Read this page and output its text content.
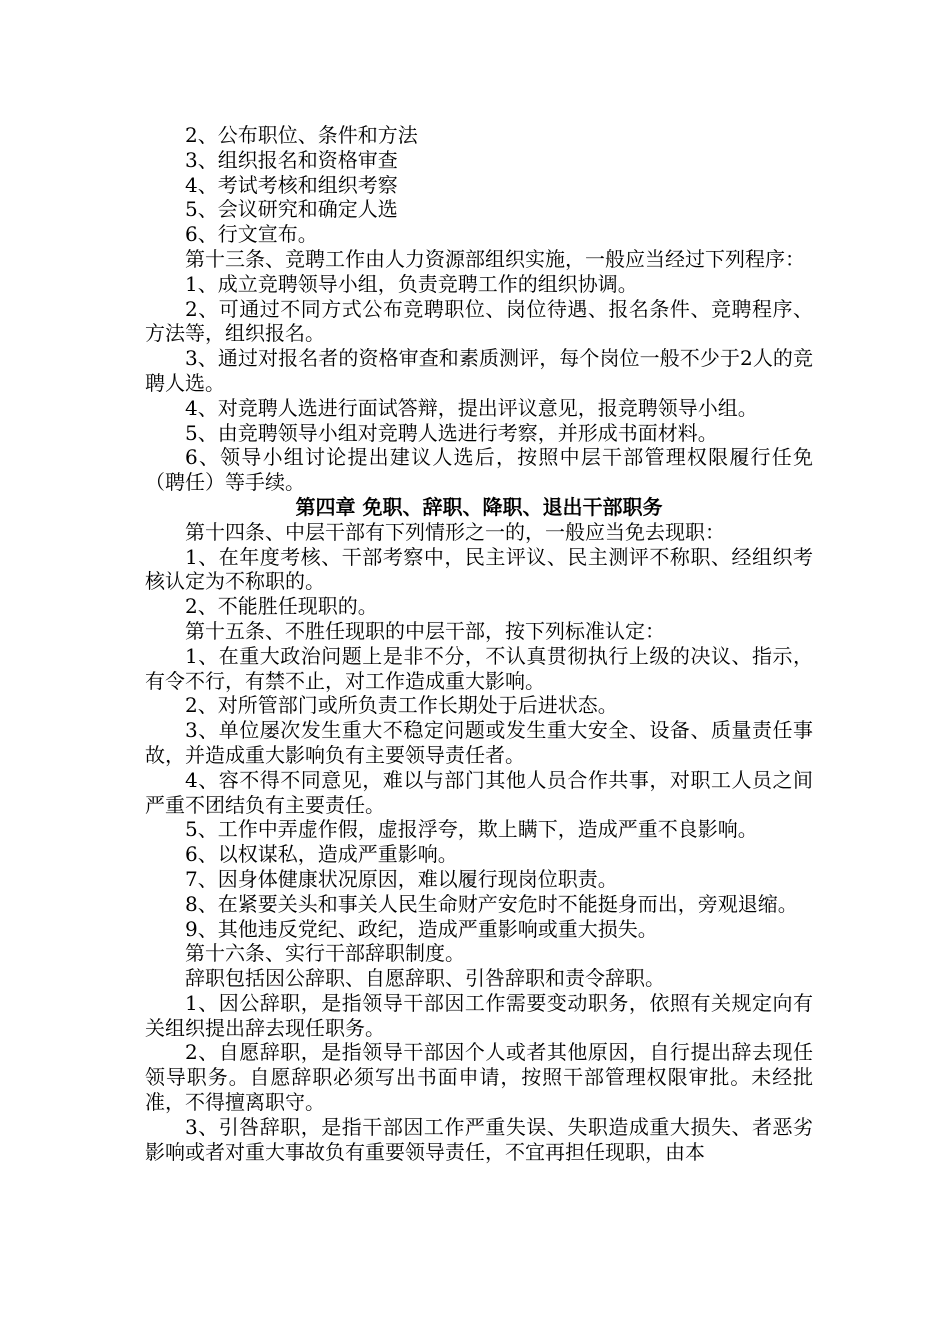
2、公布职位、条件和方法

3、组织报名和资格审查

4、考试考核和组织考察

5、会议研究和确定人选

6、行文宣布。

第十三条、竞聘工作由人力资源部组织实施，一般应当经过下列程序：

1、成立竞聘领导小组，负责竞聘工作的组织协调。

2、可通过不同方式公布竞聘职位、岗位待遇、报名条件、竞聘程序、方法等，组织报名。

3、通过对报名者的资格审查和素质测评，每个岗位一般不少于2人的竞聘人选。

4、对竞聘人选进行面试答辩，提出评议意见，报竞聘领导小组。

5、由竞聘领导小组对竞聘人选进行考察，并形成书面材料。

6、领导小组讨论提出建议人选后，按照中层干部管理权限履行任免（聘任）等手续。

第四章 免职、辞职、降职、退出干部职务

第十四条、中层干部有下列情形之一的，一般应当免去现职：

1、在年度考核、干部考察中，民主评议、民主测评不称职、经组织考核认定为不称职的。

2、不能胜任现职的。

第十五条、不胜任现职的中层干部，按下列标准认定：

1、在重大政治问题上是非不分，不认真贯彻执行上级的决议、指示，有令不行，有禁不止，对工作造成重大影响。

2、对所管部门或所负责工作长期处于后进状态。

3、单位屡次发生重大不稳定问题或发生重大安全、设备、质量责任事故，并造成重大影响负有主要领导责任者。

4、容不得不同意见，难以与部门其他人员合作共事，对职工人员之间严重不团结负有主要责任。

5、工作中弄虚作假，虚报浮夸，欺上瞒下，造成严重不良影响。

6、以权谋私，造成严重影响。

7、因身体健康状况原因，难以履行现岗位职责。

8、在紧要关头和事关人民生命财产安危时不能挺身而出，旁观退缩。

9、其他违反党纪、政纪，造成严重影响或重大损失。

第十六条、实行干部辞职制度。

辞职包括因公辞职、自愿辞职、引咎辞职和责令辞职。

1、因公辞职，是指领导干部因工作需要变动职务，依照有关规定向有关组织提出辞去现任职务。

2、自愿辞职，是指领导干部因个人或者其他原因，自行提出辞去现任领导职务。自愿辞职必须写出书面申请，按照干部管理权限审批。未经批准，不得擅离职守。

3、引咎辞职，是指干部因工作严重失误、失职造成重大损失、者恶劣影响或者对重大事故负有重要领导责任，不宜再担任现职，由本
